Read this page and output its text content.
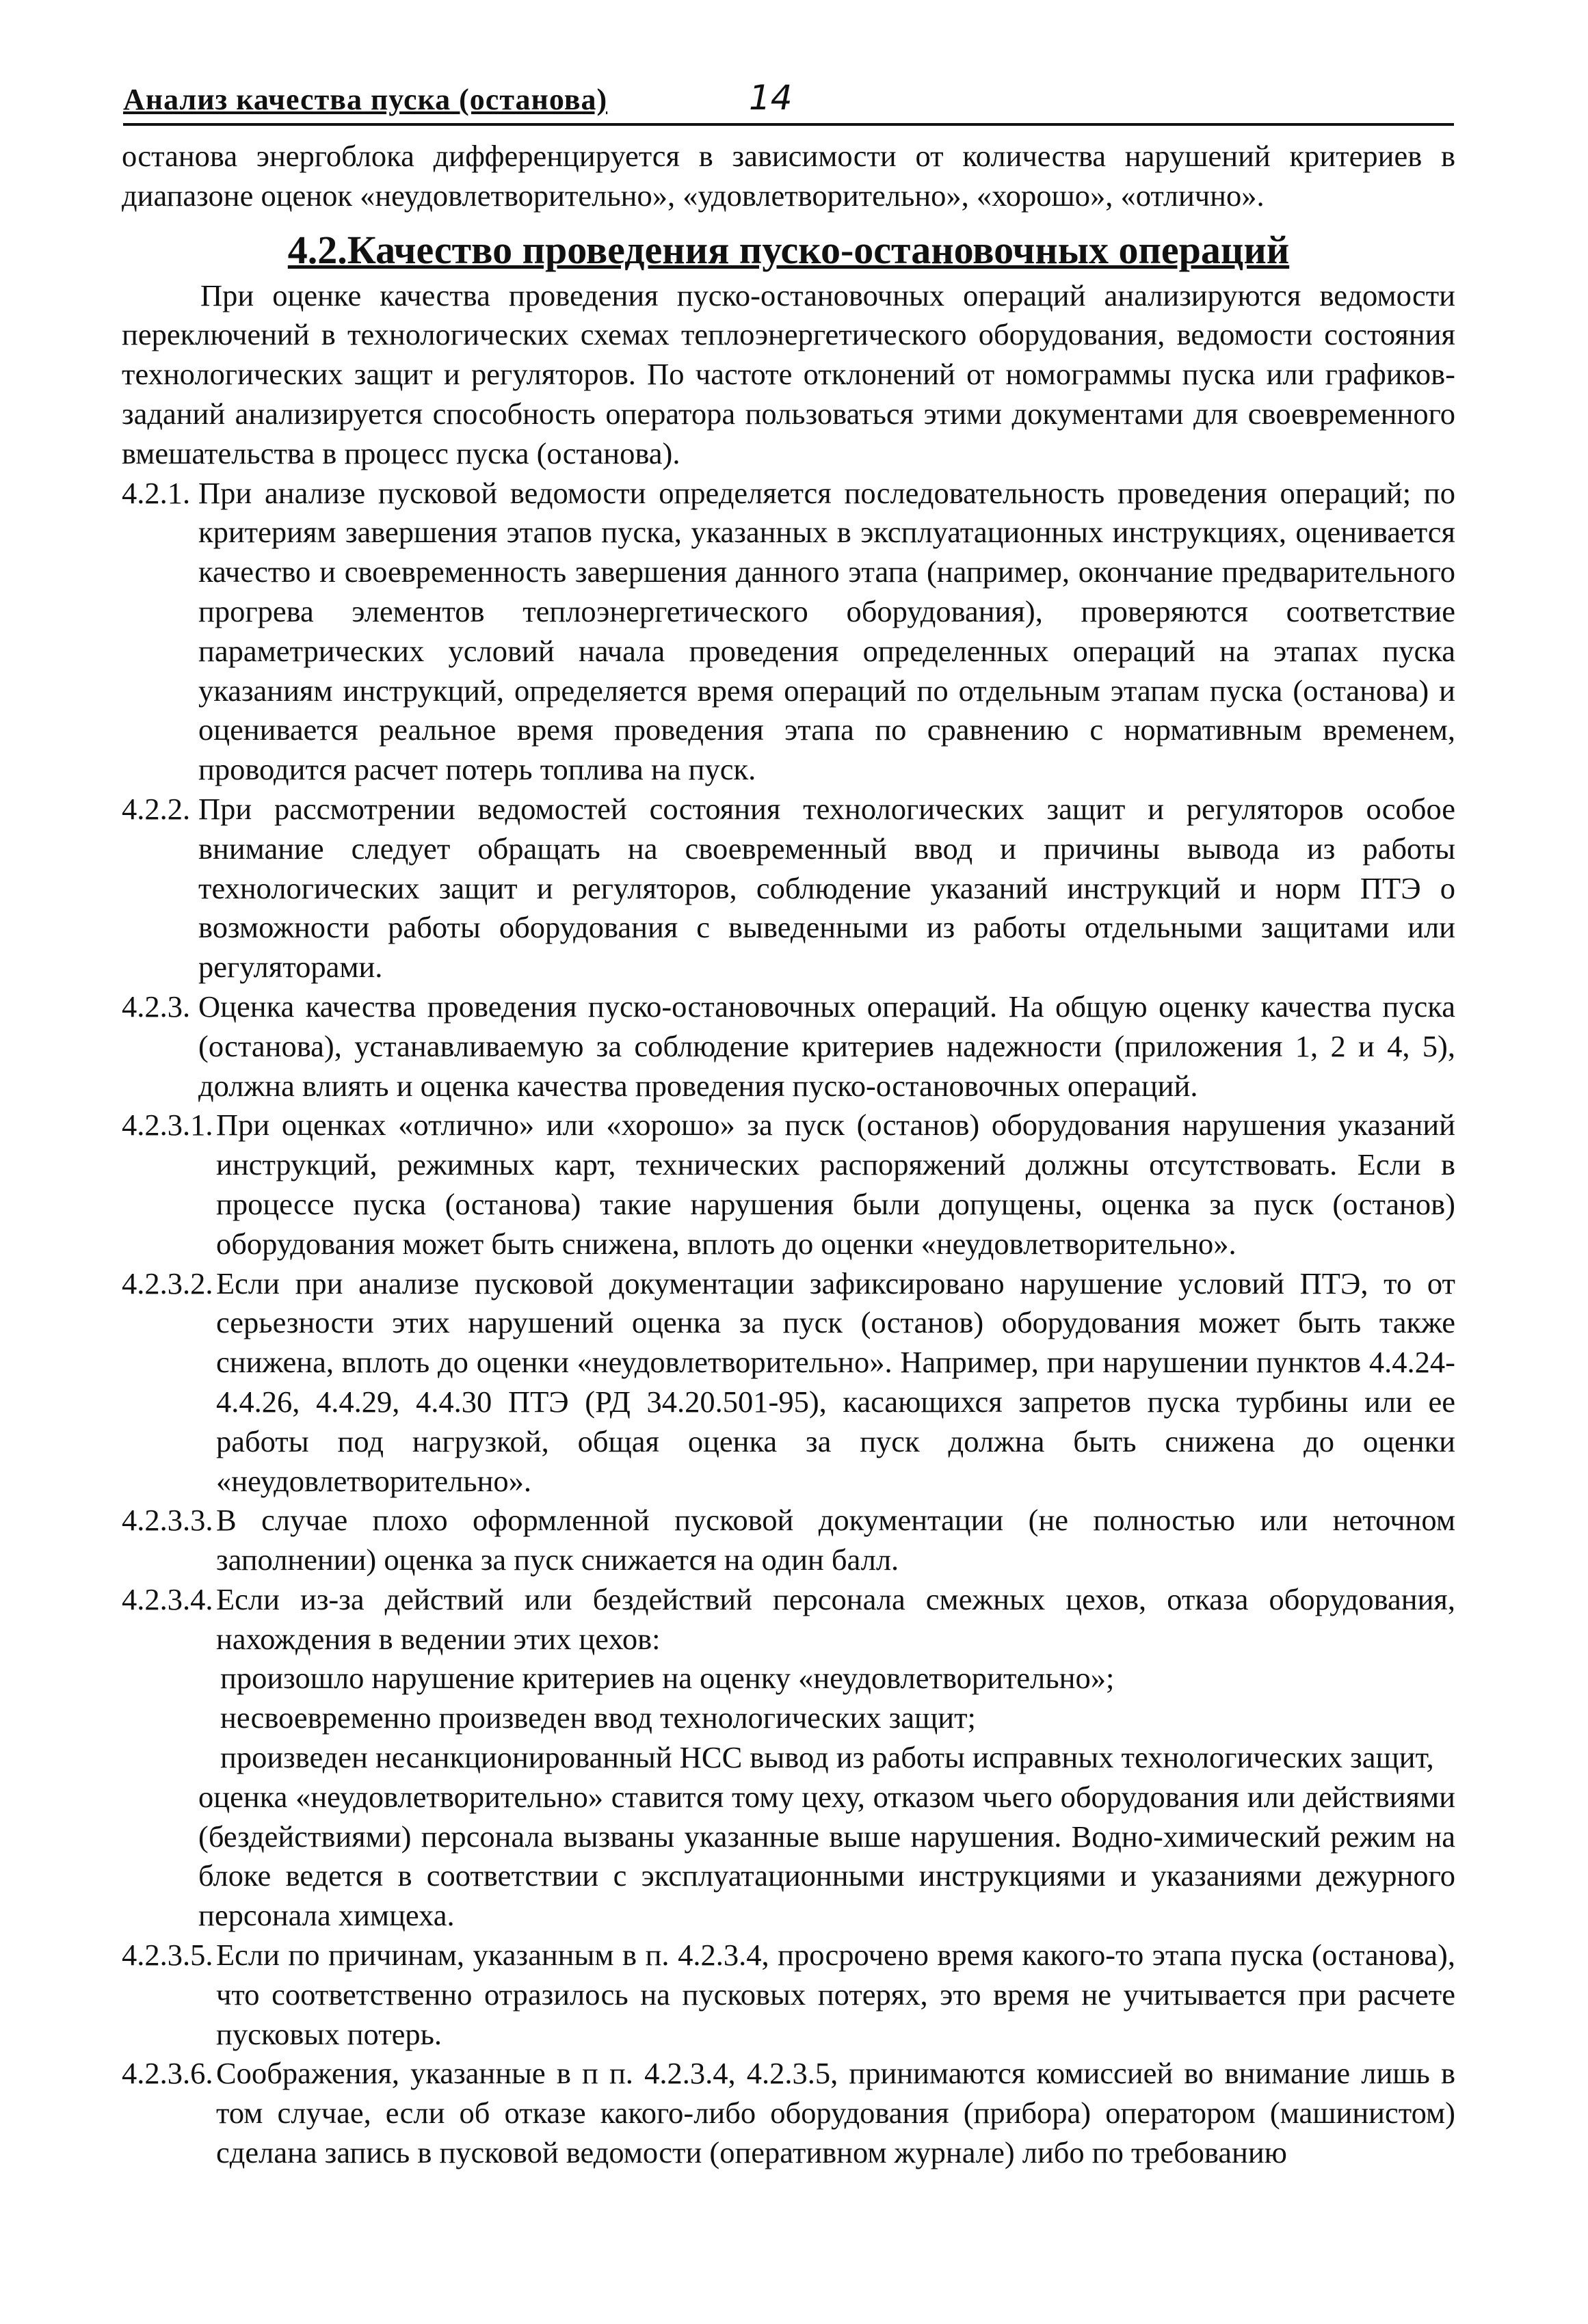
Анализ качества пуска (останова)	14

останова энергоблока дифференцируется в зависимости от количества нарушений критериев в диапазоне оценок «неудовлетворительно», «удовлетворительно», «хорошо», «отлично».

4.2.Качество проведения пуско-остановочных операций

При оценке качества проведения пуско-остановочных операций анализируются ведомости переключений в технологических схемах теплоэнергетического оборудования, ведомости состояния технологических защит и регуляторов. По частоте отклонений от номограммы пуска или графиков-заданий анализируется способность оператора пользоваться этими документами для своевременного вмешательства в процесс пуска (останова).

4.2.1. При анализе пусковой ведомости определяется последовательность проведения операций; по критериям завершения этапов пуска, указанных в эксплуатационных инструкциях, оценивается качество и своевременность завершения данного этапа (например, окончание предварительного прогрева элементов теплоэнергетического оборудования), проверяются соответствие параметрических условий начала проведения определенных операций на этапах пуска указаниям инструкций, определяется время операций по отдельным этапам пуска (останова) и оценивается реальное время проведения этапа по сравнению с нормативным временем, проводится расчет потерь топлива на пуск.
4.2.2. При рассмотрении ведомостей состояния технологических защит и регуляторов особое внимание следует обращать на своевременный ввод и причины вывода из работы технологических защит и регуляторов, соблюдение указаний инструкций и норм ПТЭ о возможности работы оборудования с выведенными из работы отдельными защитами или регуляторами.
4.2.3. Оценка качества проведения пуско-остановочных операций. На общую оценку качества пуска (останова), устанавливаемую за соблюдение критериев надежности (приложения 1, 2 и 4, 5), должна влиять и оценка качества проведения пуско-остановочных операций.
4.2.3.1. При оценках «отлично» или «хорошо» за пуск (останов) оборудования нарушения указаний инструкций, режимных карт, технических распоряжений должны отсутствовать. Если в процессе пуска (останова) такие нарушения были допущены, оценка за пуск (останов) оборудования может быть снижена, вплоть до оценки «неудовлетворительно».
4.2.3.2. Если при анализе пусковой документации зафиксировано нарушение условий ПТЭ, то от серьезности этих нарушений оценка за пуск (останов) оборудования может быть также снижена, вплоть до оценки «неудовлетворительно». Например, при нарушении пунктов 4.4.24-4.4.26, 4.4.29, 4.4.30 ПТЭ (РД 34.20.501-95), касающихся запретов пуска турбины или ее работы под нагрузкой, общая оценка за пуск должна быть снижена до оценки «неудовлетворительно».
4.2.3.3. В случае плохо оформленной пусковой документации (не полностью или неточном заполнении) оценка за пуск снижается на один балл.
4.2.3.4. Если из-за действий или бездействий персонала смежных цехов, отказа оборудования, нахождения в ведении этих цехов:
произошло нарушение критериев на оценку «неудовлетворительно»;
несвоевременно произведен ввод технологических защит;
произведен несанкционированный НСС вывод из работы исправных технологических защит,
оценка «неудовлетворительно» ставится тому цеху, отказом чьего оборудования или действиями (бездействиями) персонала вызваны указанные выше нарушения. Водно-химический режим на блоке ведется в соответствии с эксплуатационными инструкциями и указаниями дежурного персонала химцеха.
4.2.3.5. Если по причинам, указанным в п. 4.2.3.4, просрочено время какого-то этапа пуска (останова), что соответственно отразилось на пусковых потерях, это время не учитывается при расчете пусковых потерь.
4.2.3.6. Соображения, указанные в п п. 4.2.3.4, 4.2.3.5, принимаются комиссией во внимание лишь в том случае, если об отказе какого-либо оборудования (прибора) оператором (машинистом) сделана запись в пусковой ведомости (оперативном журнале) либо по требованию
